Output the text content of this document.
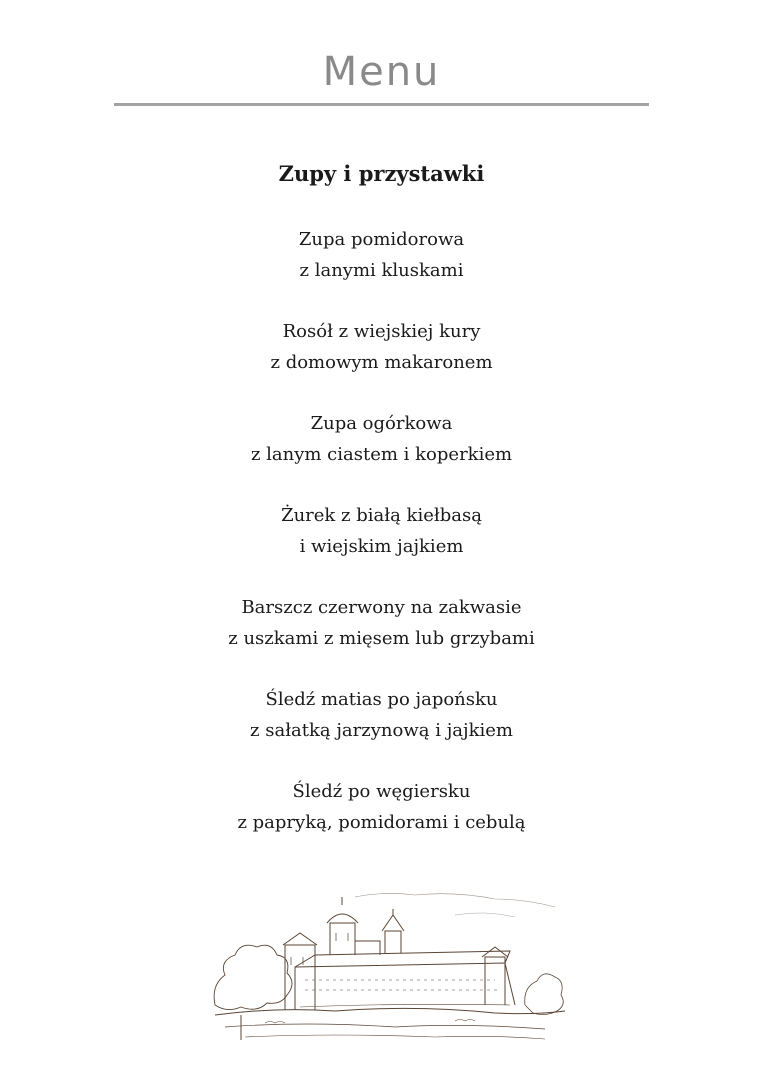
Menu
Zupy i przystawki
Zupa pomidorowa
z lanymi kluskami
Rosół z wiejskiej kury
z domowym makaronem
Zupa ogórkowa
z lanym ciastem i koperkiem
Żurek z białą kiełbasą
i wiejskim jajkiem
Barszcz czerwony na zakwasie
z uszkami z mięsem lub grzybami
Śledź matias po japońsku
z sałatką jarzynową i jajkiem
Śledź po węgiersku
z papryką, pomidorami i cebulą
